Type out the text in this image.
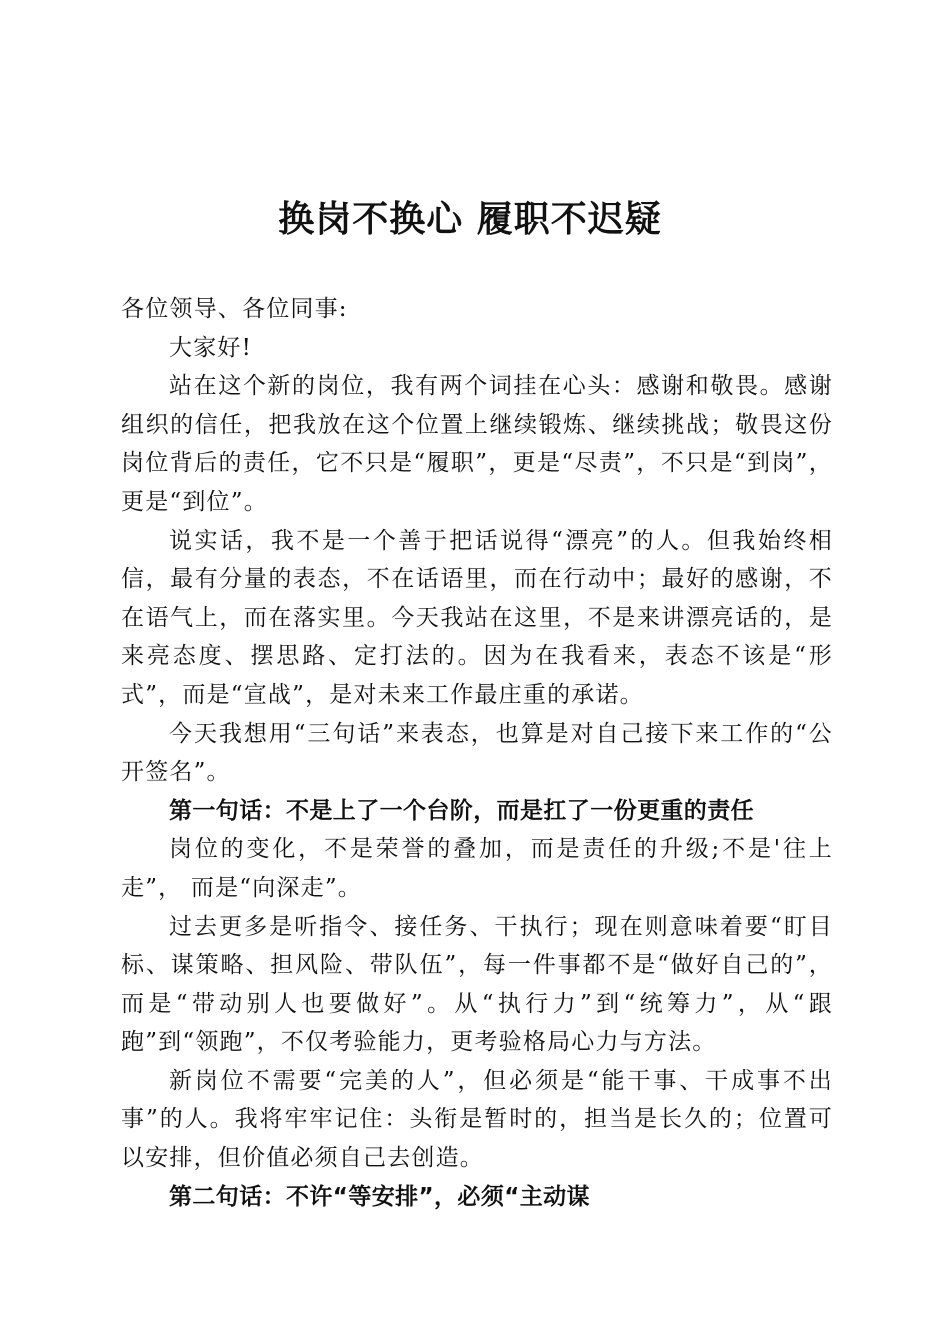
换岗不换心 履职不迟疑

各位领导、各位同事:

大家好!

站在这个新的岗位，我有两个词挂在心头：感谢和敬畏。感谢组织的信任，把我放在这个位置上继续锻炼、继续挑战；敬畏这份岗位背后的责任，它不只是“履职”，更是“尽责”，不只是“到岗”，更是“到位”。

说实话，我不是一个善于把话说得“漂亮”的人。但我始终相信，最有分量的表态，不在话语里，而在行动中；最好的感谢，不在语气上，而在落实里。今天我站在这里，不是来讲漂亮话的，是来亮态度、摆思路、定打法的。因为在我看来，表态不该是“形式”，而是“宣战”，是对未来工作最庄重的承诺。

今天我想用“三句话”来表态，也算是对自己接下来工作的“公开签名”。

第一句话：不是上了一个台阶，而是扛了一份更重的责任

岗位的变化，不是荣誉的叠加，而是责任的升级;不是'往上走”， 而是“向深走”。

过去更多是听指令、接任务、干执行；现在则意味着要“盯目标、谋策略、担风险、带队伍”，每一件事都不是“做好自己的”，而是“带动别人也要做好”。从“执行力”到“统筹力”，从“跟跑”到“领跑”，不仅考验能力，更考验格局心力与方法。

新岗位不需要“完美的人”，但必须是“能干事、干成事不出事”的人。我将牢牢记住：头衔是暂时的，担当是长久的；位置可以安排，但价值必须自己去创造。

第二句话：不许“等安排”，必须“主动谋
